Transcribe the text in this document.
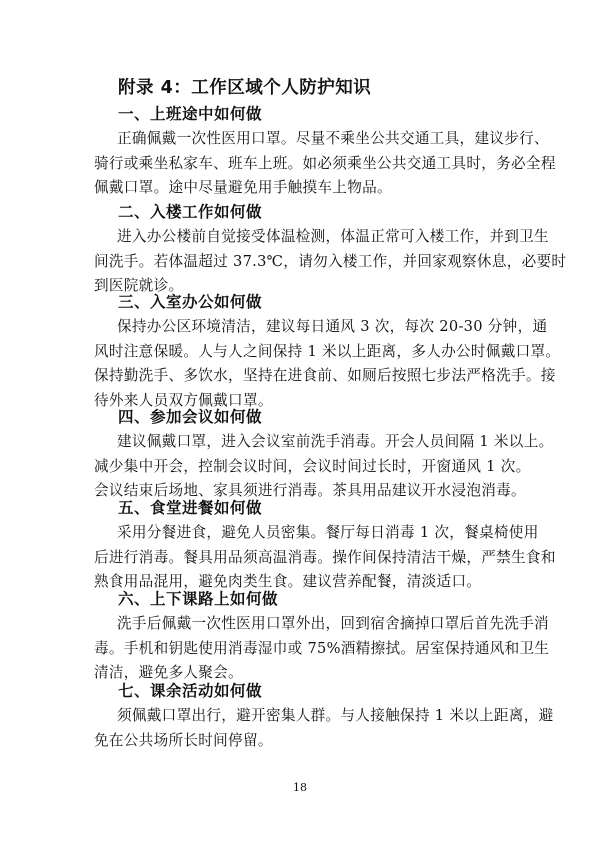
附录 4：工作区域个人防护知识
一、上班途中如何做
正确佩戴一次性医用口罩。尽量不乘坐公共交通工具，建议步行、
骑行或乘坐私家车、班车上班。如必须乘坐公共交通工具时，务必全程
佩戴口罩。途中尽量避免用手触摸车上物品。
二、入楼工作如何做
进入办公楼前自觉接受体温检测，体温正常可入楼工作，并到卫生
间洗手。若体温超过 37.3℃，请勿入楼工作，并回家观察休息，必要时
到医院就诊。
三、入室办公如何做
保持办公区环境清洁，建议每日通风 3 次，每次 20-30 分钟，通
风时注意保暖。人与人之间保持 1 米以上距离，多人办公时佩戴口罩。
保持勤洗手、多饮水，坚持在进食前、如厕后按照七步法严格洗手。接
待外来人员双方佩戴口罩。
四、参加会议如何做
建议佩戴口罩，进入会议室前洗手消毒。开会人员间隔 1 米以上。
减少集中开会，控制会议时间，会议时间过长时，开窗通风 1 次。
会议结束后场地、家具须进行消毒。茶具用品建议开水浸泡消毒。
五、食堂进餐如何做
采用分餐进食，避免人员密集。餐厅每日消毒 1 次，餐桌椅使用
后进行消毒。餐具用品须高温消毒。操作间保持清洁干燥，严禁生食和
熟食用品混用，避免肉类生食。建议营养配餐，清淡适口。
六、上下课路上如何做
洗手后佩戴一次性医用口罩外出，回到宿舍摘掉口罩后首先洗手消
毒。手机和钥匙使用消毒湿巾或 75%酒精擦拭。居室保持通风和卫生
清洁，避免多人聚会。
七、课余活动如何做
须佩戴口罩出行，避开密集人群。与人接触保持 1 米以上距离，避
免在公共场所长时间停留。
18
